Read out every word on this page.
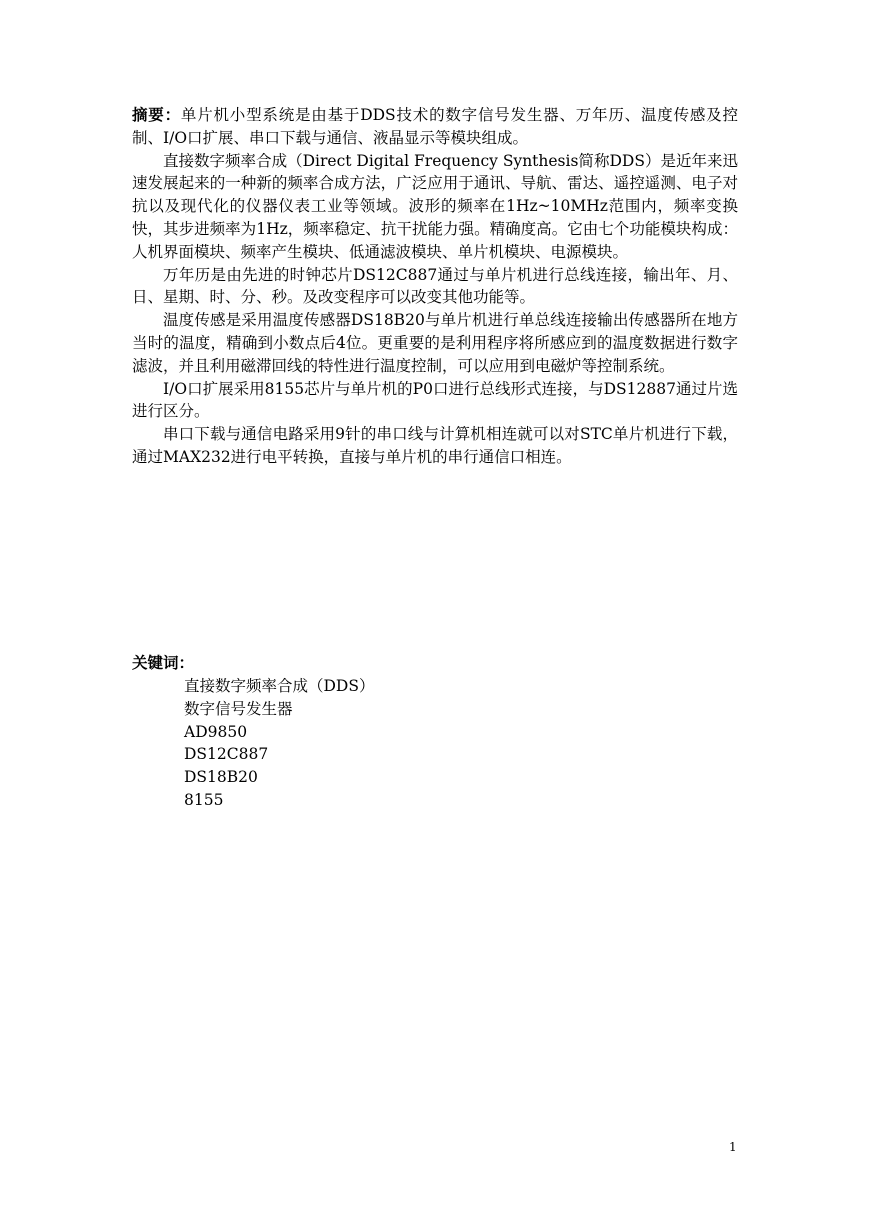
摘要：单片机小型系统是由基于DDS技术的数字信号发生器、万年历、温度传感及控制、I/O口扩展、串口下载与通信、液晶显示等模块组成。

直接数字频率合成（Direct Digital Frequency Synthesis简称DDS）是近年来迅速发展起来的一种新的频率合成方法，广泛应用于通讯、导航、雷达、遥控遥测、电子对抗以及现代化的仪器仪表工业等领域。波形的频率在1Hz~10MHz范围内，频率变换快，其步进频率为1Hz，频率稳定、抗干扰能力强。精确度高。它由七个功能模块构成：人机界面模块、频率产生模块、低通滤波模块、单片机模块、电源模块。

万年历是由先进的时钟芯片DS12C887通过与单片机进行总线连接，输出年、月、日、星期、时、分、秒。及改变程序可以改变其他功能等。

温度传感是采用温度传感器DS18B20与单片机进行单总线连接输出传感器所在地方当时的温度，精确到小数点后4位。更重要的是利用程序将所感应到的温度数据进行数字滤波，并且利用磁滞回线的特性进行温度控制，可以应用到电磁炉等控制系统。

I/O口扩展采用8155芯片与单片机的P0口进行总线形式连接，与DS12887通过片选进行区分。

串口下载与通信电路采用9针的串口线与计算机相连就可以对STC单片机进行下载，通过MAX232进行电平转换，直接与单片机的串行通信口相连。

关键词：
直接数字频率合成（DDS）
数字信号发生器
AD9850
DS12C887
DS18B20
8155
1
